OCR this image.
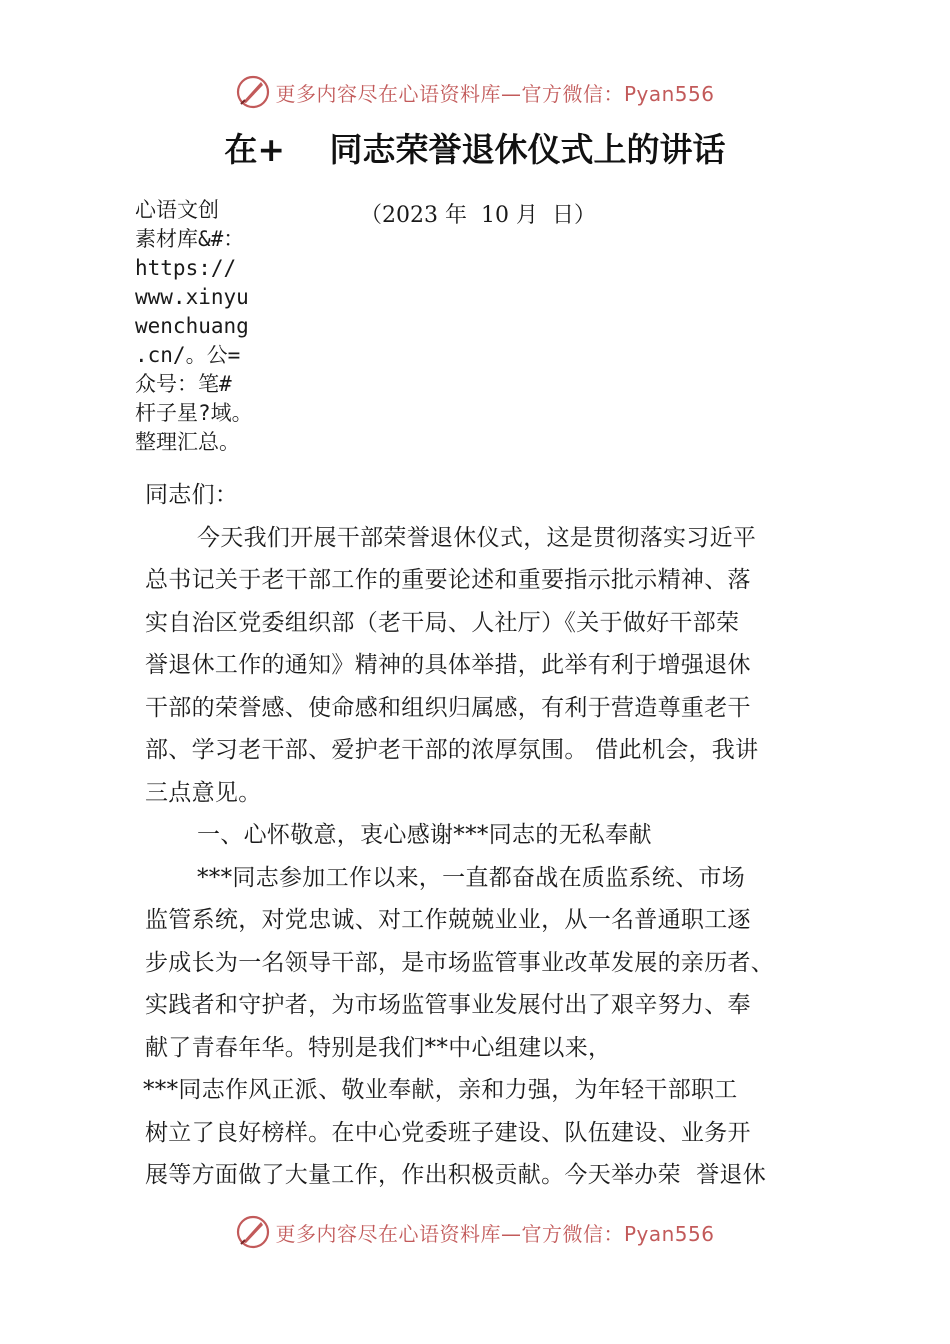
更多内容尽在心语资料库—官方微信：Pyan556
在+　 同志荣誉退休仪式上的讲话
（2023 年  10 月  日）
心语文创
素材库&#：
https://
www.xinyu
wenchuang
.cn/。公=
众号：笔#
杆子星?域。
整理汇总。
同志们：
今天我们开展干部荣誉退休仪式，这是贯彻落实习近平
总书记关于老干部工作的重要论述和重要指示批示精神、落
实自治区党委组织部（老干局、人社厅）《关于做好干部荣
誉退休工作的通知》精神的具体举措，此举有利于增强退休
干部的荣誉感、使命感和组织归属感，有利于营造尊重老干
部、学习老干部、爱护老干部的浓厚氛围。 借此机会，我讲
三点意见。
一、心怀敬意，衷心感谢***同志的无私奉献
***同志参加工作以来，一直都奋战在质监系统、市场
监管系统，对党忠诚、对工作兢兢业业，从一名普通职工逐
步成长为一名领导干部，是市场监管事业改革发展的亲历者、
实践者和守护者，为市场监管事业发展付出了艰辛努力、奉
献了青春年华。特别是我们**中心组建以来，
***同志作风正派、敬业奉献，亲和力强，为年轻干部职工
树立了良好榜样。在中心党委班子建设、队伍建设、业务开
展等方面做了大量工作，作出积极贡献。今天举办荣  誉退休
更多内容尽在心语资料库—官方微信：Pyan556
